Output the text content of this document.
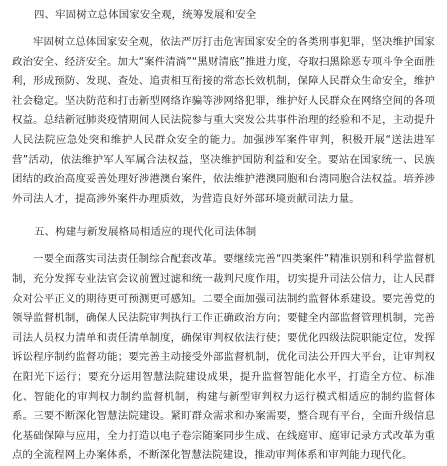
四、牢固树立总体国家安全观，统筹发展和安全

牢固树立总体国家安全观，依法严厉打击危害国家安全的各类刑事犯罪，坚决维护国家政治安全、经济安全。加大“案件清淌”“黑财清底”推进力度，夺取扫黑除恶专项斗争全面胜利，形成预防、发现、查处、追责相互衔接的常态长效机制，保障人民群众生命安全，维护社会稳定。坚决防范和打击新型网络诈骗等涉网络犯罪，维护好人民群众在网络空间的各项权益。总结新冠肺炎疫情期间人民法院参与重大突发公共事件治理的经验和不足，主动提升人民法院应急处突和维护人民群众安全的能力。加强涉军案件审判，积极开展“送法进军营”活动，依法维护军人军属合法权益，坚决维护国防利益和安全。要站在国家统一、民族团结的政治高度妥善处理好涉港澳台案件，依法维护港澳同胞和台湾同胞合法权益。培养涉外司法人才，提高涉外案件办理质效，为营造良好外部环境贡献司法力量。

五、构建与新发展格局相适应的现代化司法体制

一要全面落实司法责任制综合配套改革。要继续完善“四类案件”精准识别和科学监督机制，充分发挥专业法官会议前置过滤和统一裁判尺度作用，切实提升司法公信力，让人民群众对公平正义的期待更可预测更可感知。二要全面加强司法制约监督体系建设。要完善党的领导监督机制，确保人民法院审判执行工作正确政治方向；要健全内部监督管理机制，完善司法人员权力清单和责任清单制度，确保审判权依法行使；要优化四级法院职能定位，发挥诉讼程序制约监督功能；要完善主动接受外部监督机制，优化司法公开四大平台，让审判权在阳光下运行；要充分运用智慧法院建设成果，提升监督智能化水平，打造全方位、标准化、智能化的审判权力制约监督机制，构建与新型审判权力运行模式相适应的制约监督体系。三要不断深化智慧法院建设。紧盯群众需求和办案需要，整合现有平台，全面升级信息化基础保障与应用，全力打造以电子卷宗随案同步生成、在线庭审、庭审记录方式改革为重点的全流程网上办案体系，不断深化智慧法院建设，推动审判体系和审判能力现代化。
